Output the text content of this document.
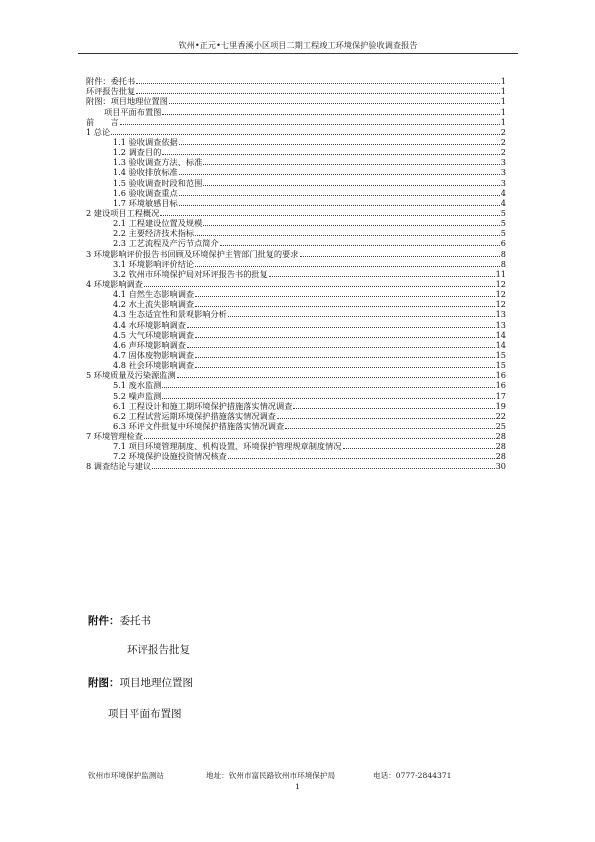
钦州•正元•七里香溪小区项目二期工程竣工环境保护验收调查报告
附件：委托书	1
环评报告批复	1
附图：项目地理位置图	1
项目平面布置图	1
前　　言	1
1 总论	2
1.1 验收调查依据	2
1.2 调查目的	2
1.3 验收调查方法、标准	3
1.4 验收排放标准	3
1.5 验收调查时段和范围	3
1.6 验收调查重点	4
1.7 环境敏感目标	4
2 建设项目工程概况	5
2.1 工程建设位置及规模	5
2.2 主要经济技术指标	5
2.3 工艺流程及产污节点简介	6
3 环境影响评价报告书回顾及环境保护主管部门批复的要求	8
3.1 环境影响评价结论	8
3.2 钦州市环境保护局对环评报告书的批复	11
4 环境影响调查	12
4.1 自然生态影响调查	12
4.2 水土流失影响调查	12
4.3 生态适宜性和景观影响分析	13
4.4 水环境影响调查	13
4.5 大气环境影响调查	14
4.6 声环境影响调查	14
4.7 固体废物影响调查	15
4.8 社会环境影响调查	15
5 环境质量及污染源监测	16
5.1 废水监测	16
5.2 噪声监测	17
6.1 工程设计和施工期环境保护措施落实情况调查	19
6.2 工程试营运期环境保护措施落实情况调查	22
6.3 环评文件批复中环境保护措施落实情况调查	25
7 环境管理检查	28
7.1 项目环境管理制度、机构设置、环境保护管理规章制度情况	28
7.2 环境保护设施投资情况核查	28
8 调查结论与建议	30
附件：委托书
环评报告批复
附图：项目地理位置图
项目平面布置图
钦州市环境保护监测站	地址：钦州市富民路钦州市环境保护局	电话：0777-2844371
1
